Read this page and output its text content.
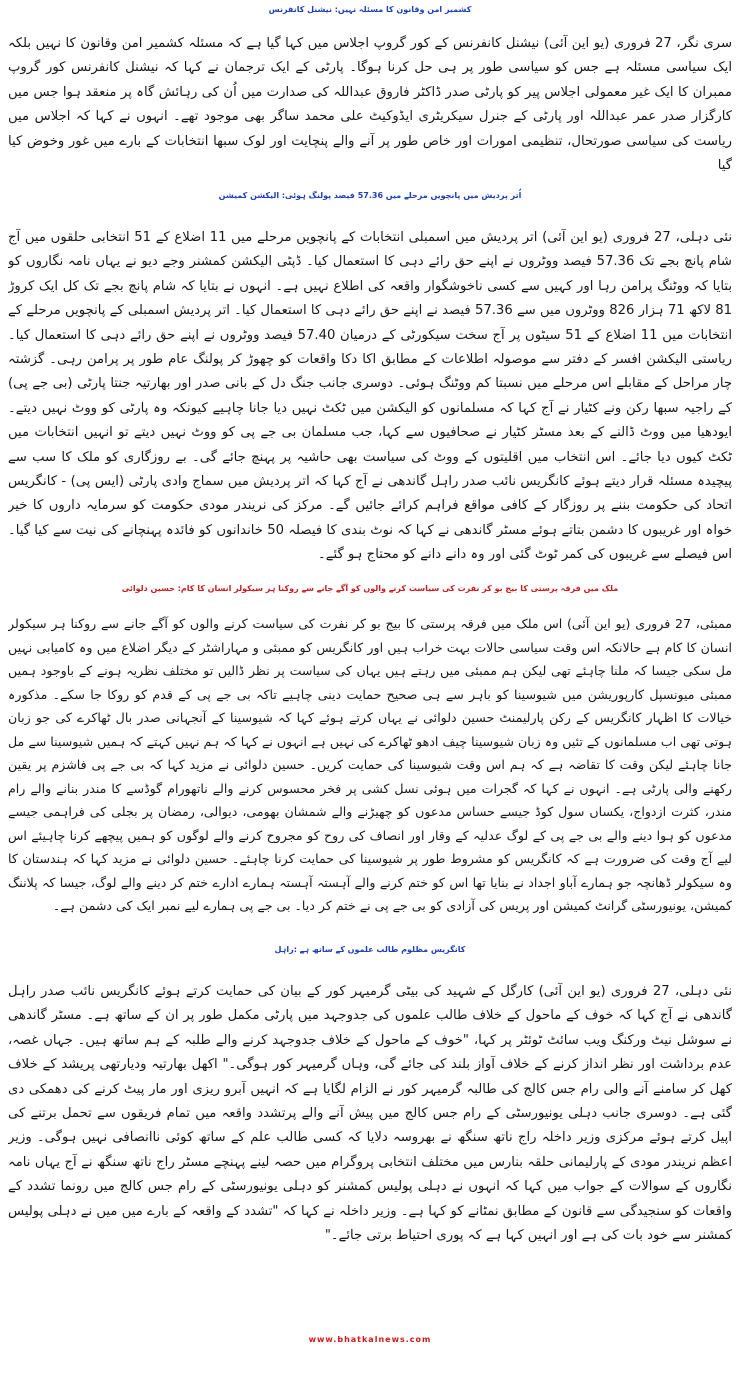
کشمیر امن وقانون کا مسئلہ نہیں: نیشنل کانفرنس

سری نگر، 27 فروری (یو این آئی) نیشنل کانفرنس کے کور گروپ اجلاس میں کہا گیا ہے کہ مسئلہ کشمیر امن وقانون کا نہیں بلکہ ایک سیاسی مسئلہ ہے جس کو سیاسی طور پر ہی حل کرنا ہوگا۔ پارٹی کے ایک ترجمان نے کہا کہ نیشنل کانفرنس کور گروپ ممبران کا ایک غیر معمولی اجلاس پیر کو پارٹی صدر ڈاکٹر فاروق عبداللہ کی صدارت میں اُن کی رہائش گاہ پر منعقد ہوا جس میں کارگزار صدر عمر عبداللہ اور پارٹی کے جنرل سیکریٹری ایڈوکیٹ علی محمد ساگر بھی موجود تھے۔ انہوں نے کہا کہ اجلاس میں ریاست کی سیاسی صورتحال، تنظیمی امورات اور خاص طور پر آنے والے پنچایت اور لوک سبھا انتخابات کے بارے میں غور وخوض کیا گیا

اُتر پردیش میں پانچویں مرحلے میں 57.36 فیصد پولنگ ہوئی: الیکشن کمیشن

نئی دہلی، 27 فروری (یو این آئی) اتر پردیش میں اسمبلی انتخابات کے پانچویں مرحلے میں 11 اضلاع کے 51 انتخابی حلقوں میں آج شام پانچ بجے تک 57.36 فیصد ووٹروں نے اپنے حق رائے دہی کا استعمال کیا۔ ڈپٹی الیکشن کمشنر وجے دیو نے یہاں نامہ نگاروں کو بتایا کہ ووٹنگ پرامن رہا اور کہیں سے کسی ناخوشگوار واقعہ کی اطلاع نہیں ہے۔ انہوں نے بتایا کہ شام پانچ بجے تک کل ایک کروڑ 81 لاکھ 71 ہزار 826 ووٹروں میں سے 57.36 فیصد نے اپنے حق رائے دہی کا استعمال کیا۔ اتر پردیش اسمبلی کے پانچویں مرحلے کے انتخابات میں 11 اضلاع کے 51 سیٹوں پر آج سخت سیکورٹی کے درمیان 57.40 فیصد ووٹروں نے اپنے حق رائے دہی کا استعمال کیا۔ ریاستی الیکشن افسر کے دفتر سے موصولہ اطلاعات کے مطابق اکا دکا واقعات کو چھوڑ کر پولنگ عام طور پر پرامن رہی۔ گزشتہ چار مراحل کے مقابلے اس مرحلے میں نسبتا کم ووٹنگ ہوئی۔ دوسری جانب جنگ دل کے بانی صدر اور بھارتیہ جنتا پارٹی (بی جے پی) کے راجیہ سبھا رکن ونے کٹیار نے آج کہا کہ مسلمانوں کو الیکشن میں ٹکٹ نہیں دیا جانا چاہیے کیونکہ وہ پارٹی کو ووٹ نہیں دیتے۔ ایودھیا میں ووٹ ڈالنے کے بعد مسٹر کٹیار نے صحافیوں سے کہا، جب مسلمان بی جے پی کو ووٹ نہیں دیتے تو انہیں انتخابات میں ٹکٹ کیوں دیا جائے۔ اس انتخاب میں اقلیتوں کے ووٹ کی سیاست بھی حاشیہ پر پہنچ جائے گی۔ بے روزگاری کو ملک کا سب سے پیچیدہ مسئلہ قرار دیتے ہوئے کانگریس نائب صدر راہل گاندھی نے آج کہا کہ اتر پردیش میں سماج وادی پارٹی (ایس پی) - کانگریس اتحاد کی حکومت بننے پر روزگار کے کافی مواقع فراہم کرائے جائیں گے۔ مرکز کی نریندر مودی حکومت کو سرمایہ داروں کا خیر خواہ اور غریبوں کا دشمن بتاتے ہوئے مسٹر گاندھی نے کہا کہ نوٹ بندی کا فیصلہ 50 خاندانوں کو فائدہ پہنچانے کی نیت سے کیا گیا۔ اس فیصلے سے غریبوں کی کمر ٹوٹ گئی اور وہ دانے دانے کو محتاج ہو گئے۔

ملک میں فرقہ پرستی کا بیج بو کر نفرت کی سیاست کرنے والوں کو آگے جانے سے روکنا ہر سیکولر انسان کا کام: حسین دلوائی

ممبئی، 27 فروری (یو این آئی) اس ملک میں فرقہ پرستی کا بیج بو کر نفرت کی سیاست کرنے والوں کو آگے جانے سے روکنا ہر سیکولر انسان کا کام ہے حالانکہ اس وقت سیاسی حالات بہت خراب ہیں اور کانگریس کو ممبئی و مہاراشٹر کے دیگر اضلاع میں وہ کامیابی نہیں مل سکی جیسا کہ ملنا چاہئے تھی لیکن ہم ممبئی میں رہتے ہیں یہاں کی سیاست پر نظر ڈالیں تو مختلف نظریہ ہونے کے باوجود ہمیں ممبئی میونسپل کارپوریشن میں شیوسینا کو باہر سے ہی صحیح حمایت دینی چاہیے تاکہ بی جے پی کے قدم کو روکا جا سکے۔ مذکورہ خیالات کا اظہار کانگریس کے رکن پارلیمنٹ حسین دلوائی نے یہاں کرتے ہوئے کہا کہ شیوسینا کے آنجہانی صدر بال ٹھاکرے کی جو زبان ہوتی تھی اب مسلمانوں کے تئیں وہ زبان شیوسینا چیف ادھو ٹھاکرے کی نہیں ہے انہوں نے کہا کہ ہم نہیں کہتے کہ ہمیں شیوسینا سے مل جانا چاہئے لیکن وقت کا تقاضہ ہے کہ ہم اس وقت شیوسینا کی حمایت کریں۔ حسین دلوائی نے مزید کہا کہ بی جے پی فاشزم پر یقین رکھنے والی پارٹی ہے۔ انہوں نے کہا کہ گجرات میں ہوئی نسل کشی پر فخر محسوس کرنے والے ناتھورام گوڈسے کا مندر بنانے والے رام مندر، کثرت ازدواج، یکساں سول کوڈ جیسے حساس مدعوں کو چھیڑنے والے شمشان بھومی، دیوالی، رمضان پر بجلی کی فراہمی جیسے مدعوں کو ہوا دینے والے بی جے پی کے لوگ عدلیہ کے وقار اور انصاف کی روح کو مجروح کرنے والے لوگوں کو ہمیں پیچھے کرنا چاہیئے اس لیے آج وقت کی ضرورت ہے کہ کانگریس کو مشروط طور پر شیوسینا کی حمایت کرنا چاہئے۔ حسین دلوائی نے مزید کہا کہ ہندستان کا وہ سیکولر ڈھانچہ جو ہمارے آباو اجداد نے بنایا تھا اس کو ختم کرنے والے آہستہ آہستہ ہمارے ادارے ختم کر دینے والے لوگ، جیسا کہ پلاننگ کمیشن، یونیورسٹی گرانٹ کمیشن اور پریس کی آزادی کو بی جے پی نے ختم کر دیا۔ بی جے پی ہمارے لیے نمبر ایک کی دشمن ہے۔

کانگریس مظلوم طالب علموں کے ساتھ ہے :راہل

نئی دہلی، 27 فروری (یو این آئی) کارگل کے شہید کی بیٹی گرمیہر کور کے بیان کی حمایت کرتے ہوئے کانگریس نائب صدر راہل گاندھی نے آج کہا کہ خوف کے ماحول کے خلاف طالب علموں کی جدوجہد میں پارٹی مکمل طور پر ان کے ساتھ ہے۔ مسٹر گاندھی نے سوشل نیٹ ورکنگ ویب سائٹ ٹوئٹر پر کہا، "خوف کے ماحول کے خلاف جدوجہد کرنے والے طلبہ کے ہم ساتھ ہیں۔ جہاں غصہ، عدم برداشت اور نظر انداز کرنے کے خلاف آواز بلند کی جائے گی، وہاں گرمیہر کور ہوگی۔" اکھل بھارتیہ ودیارتھی پریشد کے خلاف کھل کر سامنے آنے والی رام جس کالج کی طالبہ گرمیہر کور نے الزام لگایا ہے کہ انہیں آبرو ریزی اور مار پیٹ کرنے کی دھمکی دی گئی ہے۔ دوسری جانب دہلی یونیورسٹی کے رام جس کالج میں پیش آنے والے پرتشدد واقعہ میں تمام فریقوں سے تحمل برتنے کی اپیل کرتے ہوئے مرکزی وزیر داخلہ راج ناتھ سنگھ نے بھروسہ دلایا کہ کسی طالب علم کے ساتھ کوئی ناانصافی نہیں ہوگی۔ وزیر اعظم نریندر مودی کے پارلیمانی حلقہ بنارس میں مختلف انتخابی پروگرام میں حصہ لینے پہنچے مسٹر راج ناتھ سنگھ نے آج یہاں نامہ نگاروں کے سوالات کے جواب میں کہا کہ انہوں نے دہلی پولیس کمشنر کو دہلی یونیورسٹی کے رام جس کالج میں رونما تشدد کے واقعات کو سنجیدگی سے قانون کے مطابق نمٹانے کو کہا ہے۔ وزیر داخلہ نے کہا کہ "تشدد کے واقعہ کے بارے میں میں نے دہلی پولیس کمشنر سے خود بات کی ہے اور انہیں کہا ہے کہ پوری احتیاط برتی جائے۔"

www.bhatkalnews.com
